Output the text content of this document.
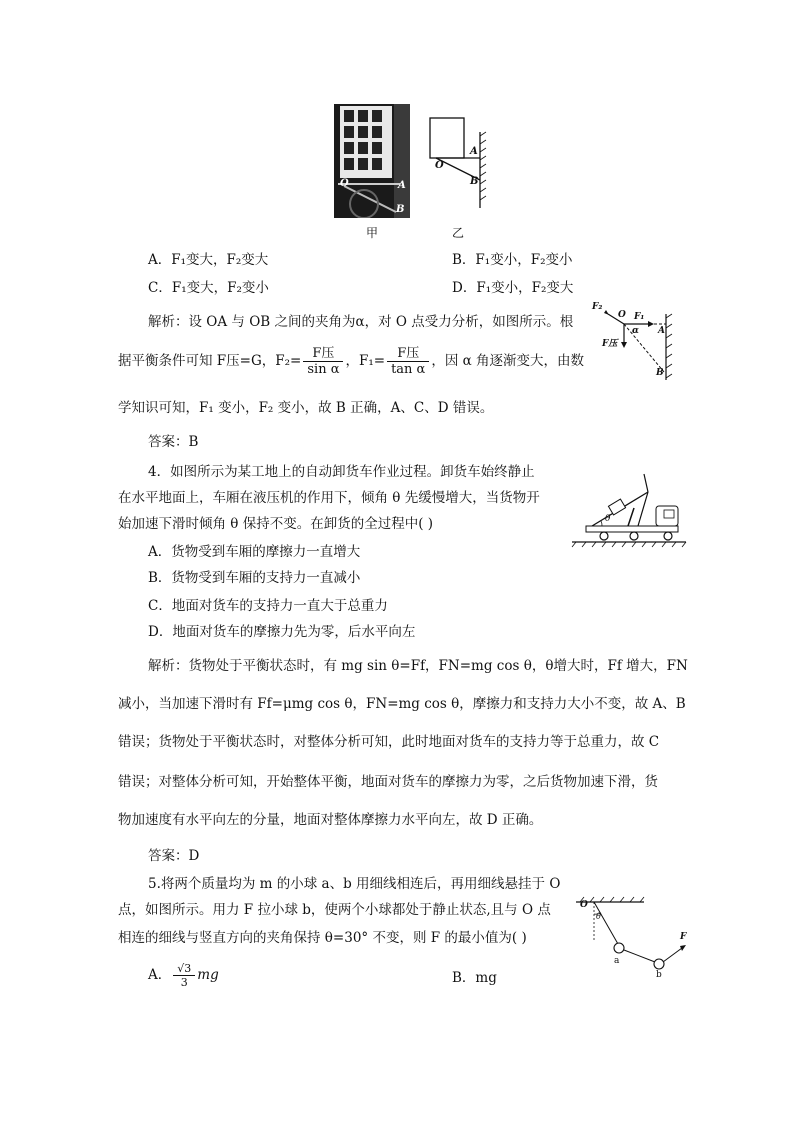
O	A
B
O
A
B
甲	乙
A．F₁变大，F₂变大	B．F₁变小，F₂变小
C．F₁变大，F₂变小	D．F₁变小，F₂变大
解析：设 OA 与 OB 之间的夹角为α，对 O 点受力分析，如图所示。根
据平衡条件可知 F压=G，$F_2= \frac{\text{F压}}{\text{sin α}}$ ，$F_1= \frac{\text{F压}}{\text{tan α}}$ ，因 α 角逐渐变大，由数
学知识可知，F₁ 变小，F₂ 变小，故 B 正确，A、C、D 错误。
答案：B
F₂
O F₁
α A
F压
B
4．如图所示为某工地上的自动卸货车作业过程。卸货车始终静止
在水平地面上，车厢在液压机的作用下，倾角 θ 先缓慢增大，当货物开
始加速下滑时倾角 θ 保持不变。在卸货的全过程中( )
A．货物受到车厢的摩擦力一直增大
B．货物受到车厢的支持力一直减小
C．地面对货车的支持力一直大于总重力
D．地面对货车的摩擦力先为零，后水平向左
θ
解析：货物处于平衡状态时，有 mg sin θ=Ff，FN=mg cos θ，θ增大时，Ff 增大，FN
减小，当加速下滑时有 Ff=μmg cos θ，FN=mg cos θ，摩擦力和支持力大小不变，故 A、B
错误；货物处于平衡状态时，对整体分析可知，此时地面对货车的支持力等于总重力，故 C
错误；对整体分析可知，开始整体平衡，地面对货车的摩擦力为零，之后货物加速下滑，货
物加速度有水平向左的分量，地面对整体摩擦力水平向左，故 D 正确。
答案：D
5.将两个质量均为 m 的小球 a、b 用细线相连后，再用细线悬挂于 O
点，如图所示。用力 F 拉小球 b，使两个小球都处于静止状态,且与 O 点
相连的细线与竖直方向的夹角保持 θ=30° 不变，则 F 的最小值为( )
A． $\frac{√3}{3}$ mg	B．mg
O
θ
a
b
F
